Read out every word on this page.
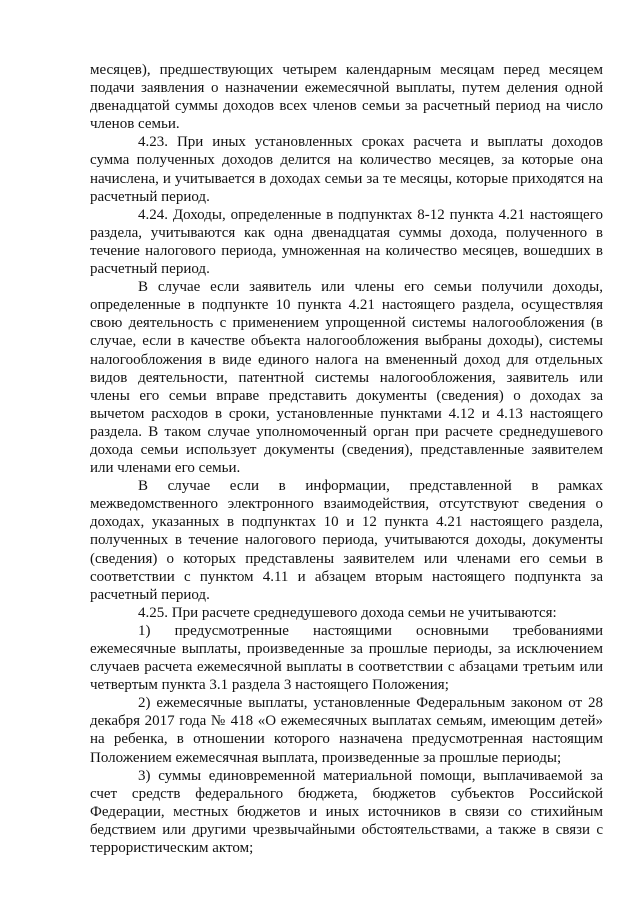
месяцев), предшествующих четырем календарным месяцам перед месяцем подачи заявления о назначении ежемесячной выплаты, путем деления одной двенадцатой суммы доходов всех членов семьи за расчетный период на число членов семьи.

4.23. При иных установленных сроках расчета и выплаты доходов сумма полученных доходов делится на количество месяцев, за которые она начислена, и учитывается в доходах семьи за те месяцы, которые приходятся на расчетный период.

4.24. Доходы, определенные в подпунктах 8-12 пункта 4.21 настоящего раздела, учитываются как одна двенадцатая суммы дохода, полученного в течение налогового периода, умноженная на количество месяцев, вошедших в расчетный период.

В случае если заявитель или члены его семьи получили доходы, определенные в подпункте 10 пункта 4.21 настоящего раздела, осуществляя свою деятельность с применением упрощенной системы налогообложения (в случае, если в качестве объекта налогообложения выбраны доходы), системы налогообложения в виде единого налога на вмененный доход для отдельных видов деятельности, патентной системы налогообложения, заявитель или члены его семьи вправе представить документы (сведения) о доходах за вычетом расходов в сроки, установленные пунктами 4.12 и 4.13 настоящего раздела. В таком случае уполномоченный орган при расчете среднедушевого дохода семьи использует документы (сведения), представленные заявителем или членами его семьи.

В случае если в информации, представленной в рамках межведомственного электронного взаимодействия, отсутствуют сведения о доходах, указанных в подпунктах 10 и 12 пункта 4.21 настоящего раздела, полученных в течение налогового периода, учитываются доходы, документы (сведения) о которых представлены заявителем или членами его семьи в соответствии с пунктом 4.11 и абзацем вторым настоящего подпункта за расчетный период.

4.25. При расчете среднедушевого дохода семьи не учитываются:

1) предусмотренные настоящими основными требованиями ежемесячные выплаты, произведенные за прошлые периоды, за исключением случаев расчета ежемесячной выплаты в соответствии с абзацами третьим или четвертым пункта 3.1 раздела 3 настоящего Положения;

2) ежемесячные выплаты, установленные Федеральным законом от 28 декабря 2017 года № 418 «О ежемесячных выплатах семьям, имеющим детей» на ребенка, в отношении которого назначена предусмотренная настоящим Положением ежемесячная выплата, произведенные за прошлые периоды;

3) суммы единовременной материальной помощи, выплачиваемой за счет средств федерального бюджета, бюджетов субъектов Российской Федерации, местных бюджетов и иных источников в связи со стихийным бедствием или другими чрезвычайными обстоятельствами, а также в связи с террористическим актом;
